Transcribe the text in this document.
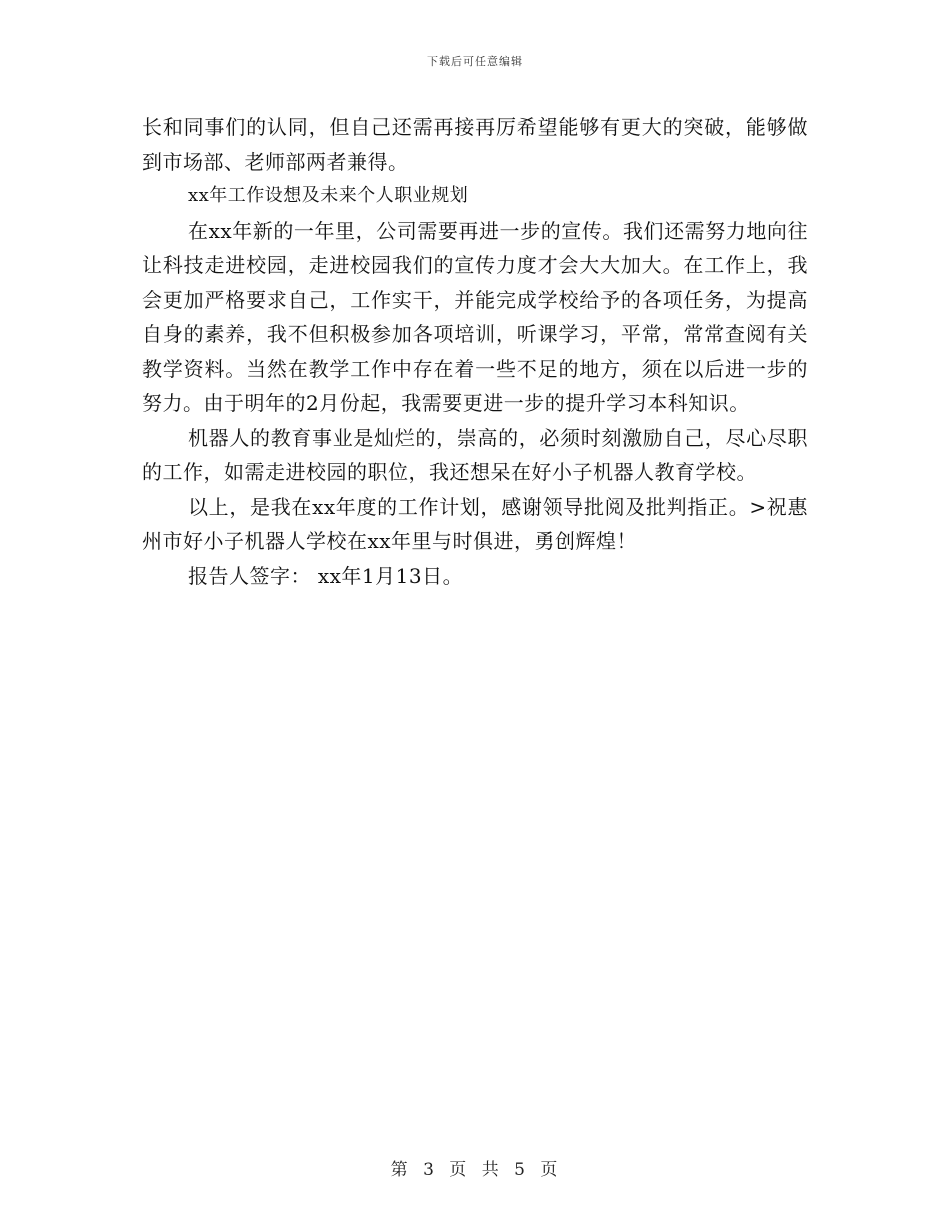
下载后可任意编辑

长和同事们的认同，但自己还需再接再厉希望能够有更大的突破，能够做到市场部、老师部两者兼得。

xx年工作设想及未来个人职业规划

在xx年新的一年里，公司需要再进一步的宣传。我们还需努力地向往让科技走进校园，走进校园我们的宣传力度才会大大加大。在工作上，我会更加严格要求自己，工作实干，并能完成学校给予的各项任务，为提高自身的素养，我不但积极参加各项培训，听课学习，平常，常常查阅有关教学资料。当然在教学工作中存在着一些不足的地方，须在以后进一步的努力。由于明年的2月份起，我需要更进一步的提升学习本科知识。

机器人的教育事业是灿烂的，崇高的，必须时刻激励自己，尽心尽职的工作，如需走进校园的职位，我还想呆在好小子机器人教育学校。

以上，是我在xx年度的工作计划，感谢领导批阅及批判指正。>祝惠州市好小子机器人学校在xx年里与时俱进，勇创辉煌！

报告人签字： xx年1月13日。

第 3 页 共 5 页
